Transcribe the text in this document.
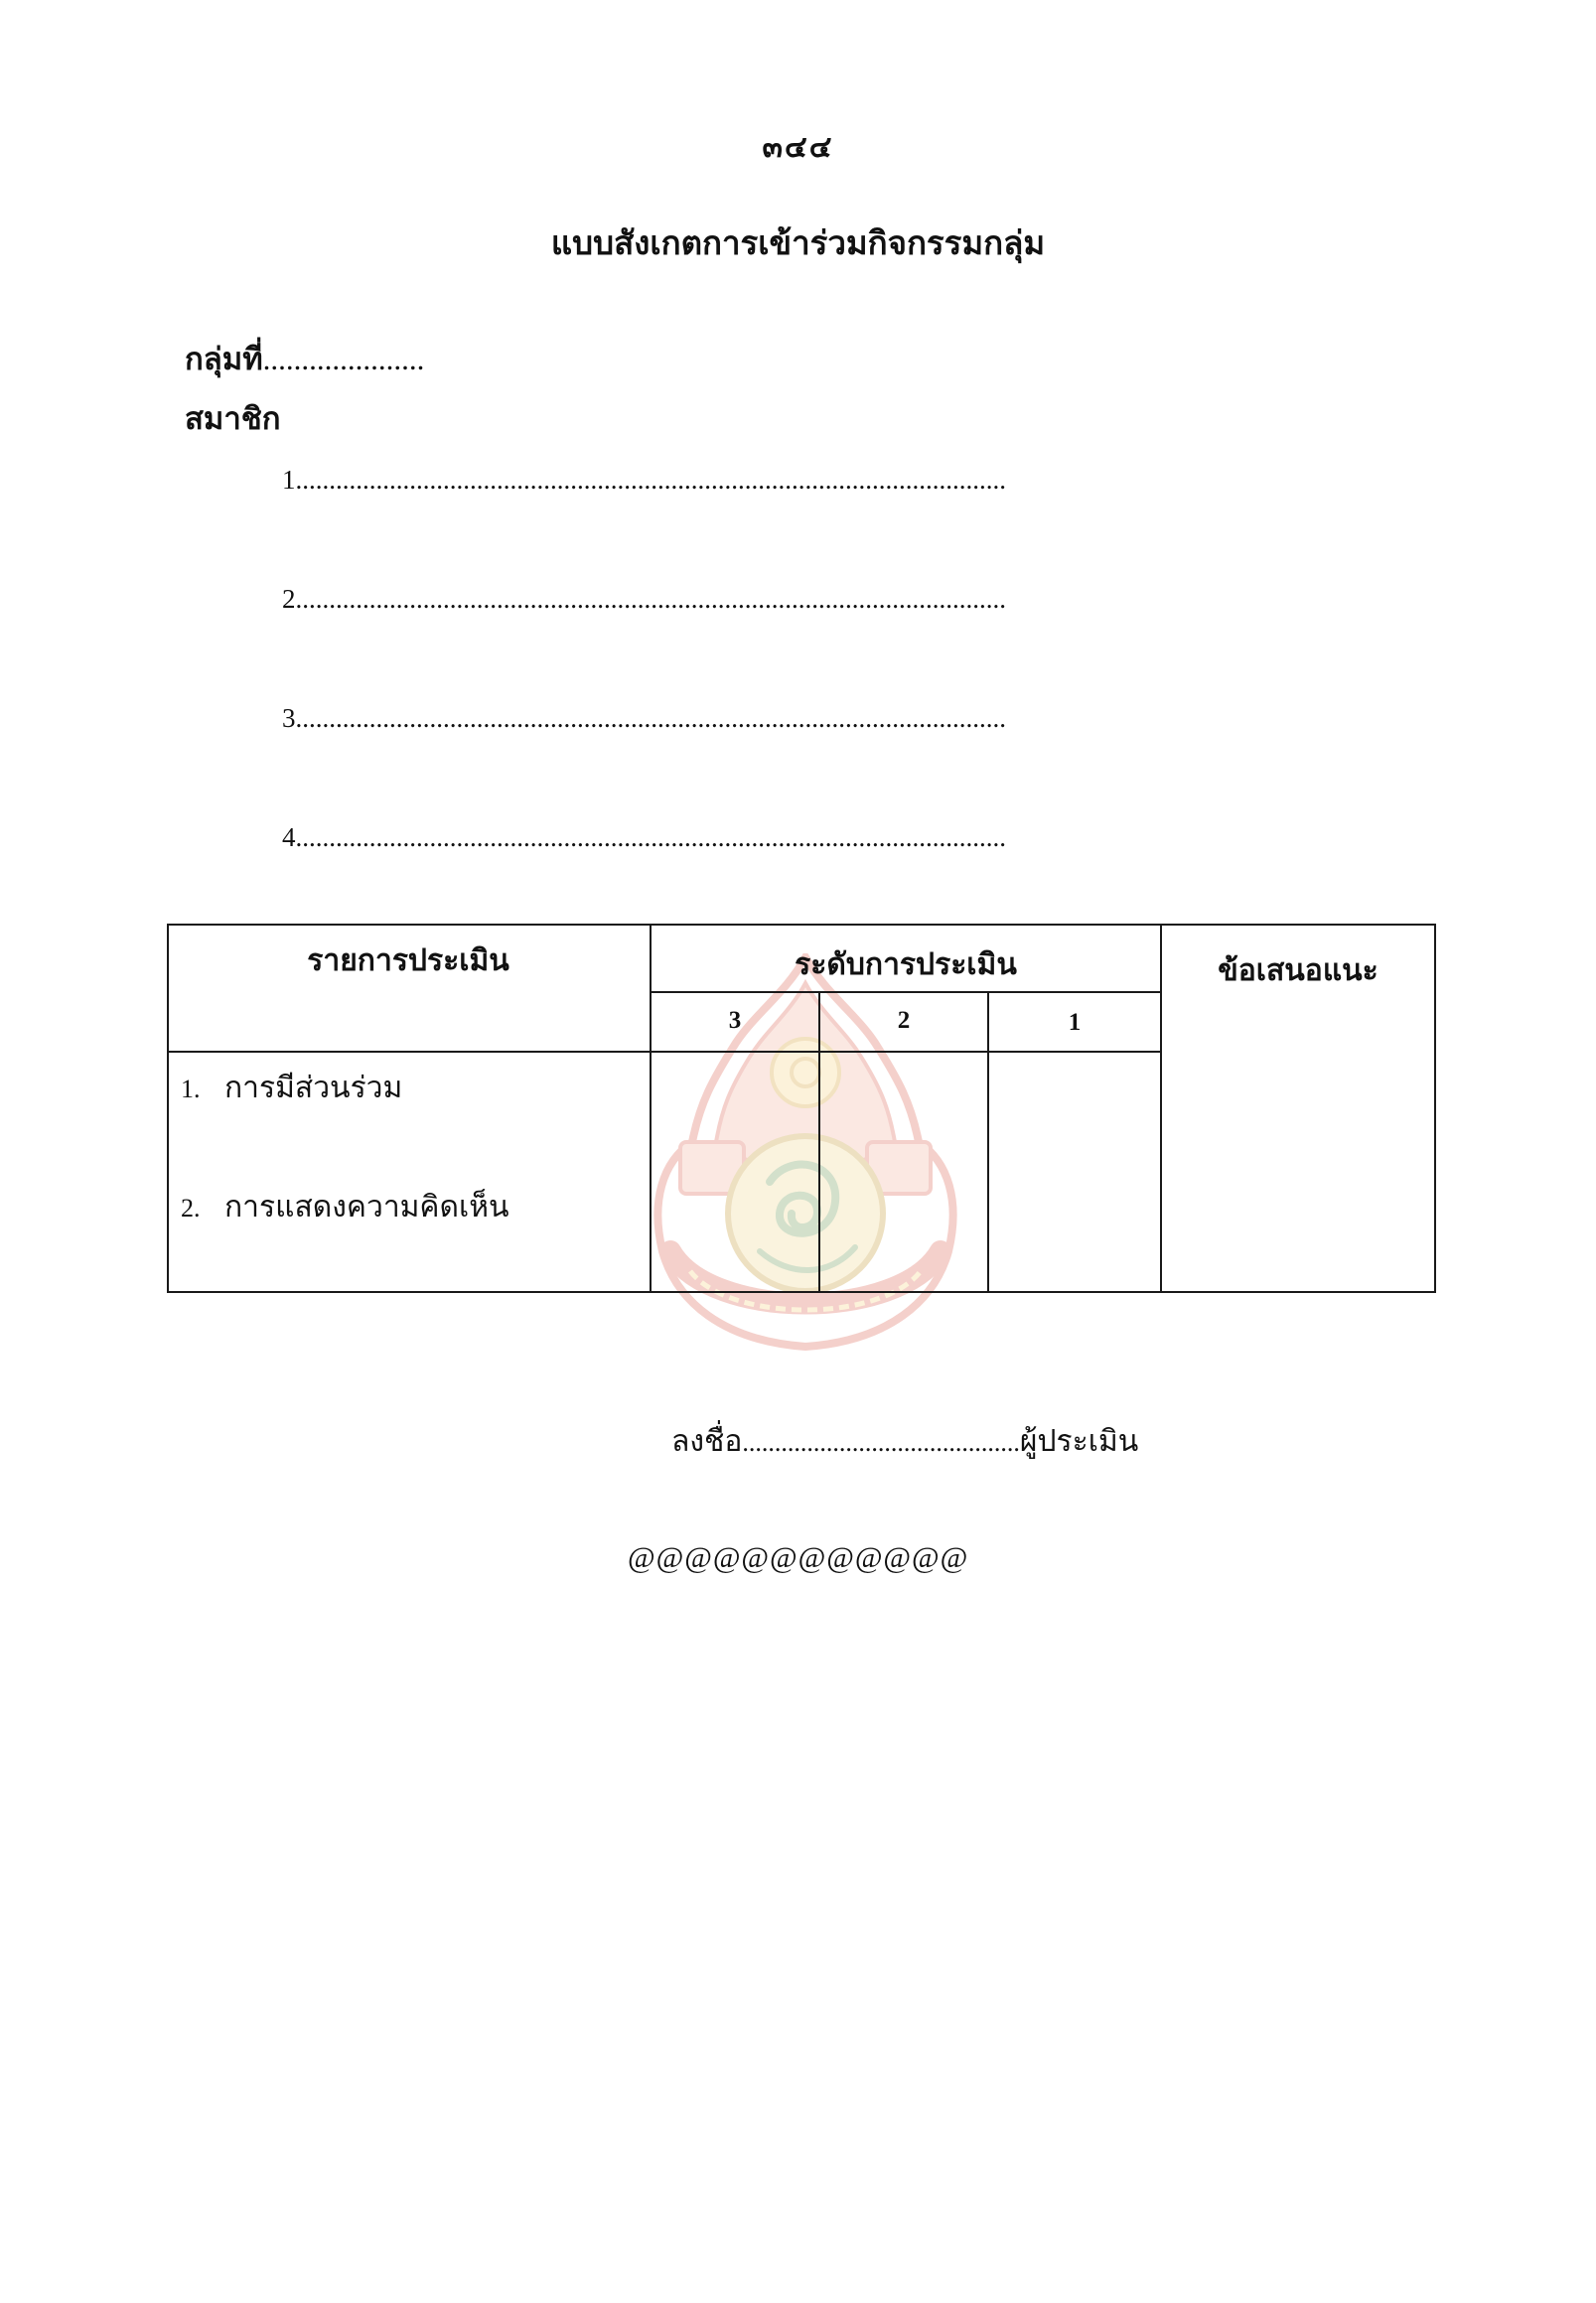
๓๔๔
แบบสังเกตการเข้าร่วมกิจกรรมกลุ่ม
กลุ่มที่.....................
สมาชิก
1..........................................................................................................
2..........................................................................................................
3..........................................................................................................
4..........................................................................................................
รายการประเมิน	ระดับการประเมิน	ข้อเสนอแนะ
3	2	1
1. การมีส่วนร่วม
2. การแสดงความคิดเห็น
ลงชื่อ...........................................ผู้ประเมิน
@@@@@@@@@@@@
